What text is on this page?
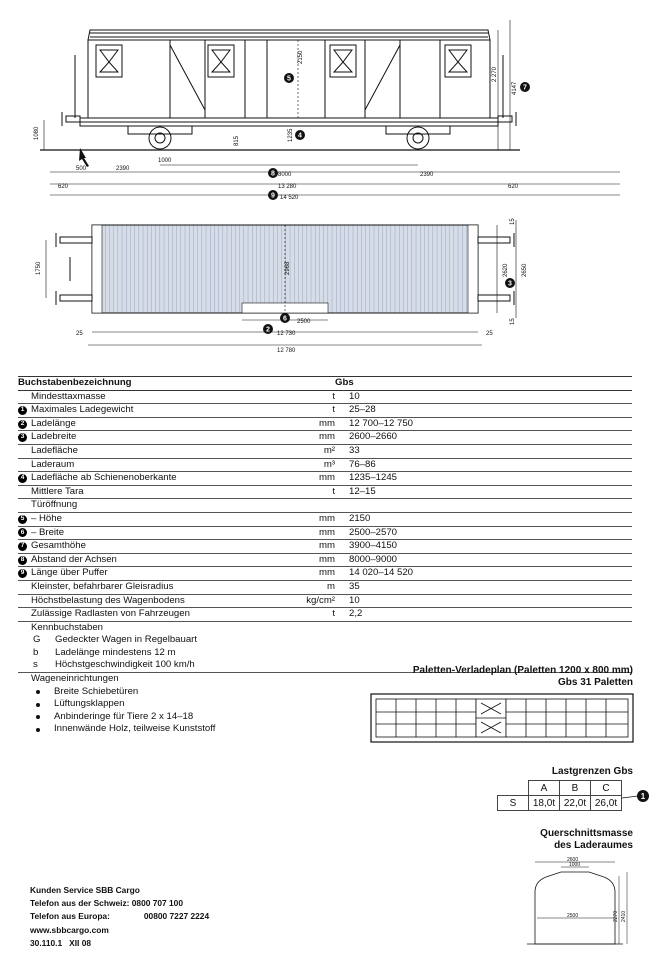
1080
500	2390
1000
8000	2390
13 280
620	620
14 520
2150
1235
815
2 270
4147
5
4
7
8
9
1750	2968	2620 2650
15
15
2500
25	12 730	25
12 780
6
2
3
Buchstabenbezeichnung	Gbs
Mindesttaxmasse	t	10
1 Maximales Ladegewicht	t	25–28
2 Ladelänge	mm	12 700–12 750
3 Ladebreite	mm	2600–2660
Ladefläche	m²	33
Laderaum	m³	76–86
4 Ladefläche ab Schienenoberkante	mm	1235–1245
Mittlere Tara	t	12–15
Türöffnung
5 – Höhe	mm	2150
6 – Breite	mm	2500–2570
7 Gesamthöhe	mm	3900–4150
8 Abstand der Achsen	mm	8000–9000
9 Länge über Puffer	mm	14 020–14 520
Kleinster, befahrbarer Gleisradius	m	35
Höchstbelastung des Wagenbodens	kg/cm²	10
Zulässige Radlasten von Fahrzeugen	t	2,2
Kennbuchstaben
G	Gedeckter Wagen in Regelbauart
b	Ladelänge mindestens 12 m
s	Höchstgeschwindigkeit 100 km/h
Wageneinrichtungen
Breite Schiebetüren
Lüftungsklappen
Anbinderinge für Tiere 2 x 14–18
Innenwände Holz, teilweise Kunststoff
Paletten-Verladeplan (Paletten 1200 x 800 mm)
Gbs 31 Paletten
Lastgrenzen Gbs
	A	B	C
S	18,0t	22,0t	26,0t
1
Querschnittsmasse
des Laderaumes
2600
1000
2500	2270 2410
Kunden Service SBB Cargo
Telefon aus der Schweiz: 0800 707 100
Telefon aus Europa:	00800 7227 2224
www.sbbcargo.com
30.110.1 XII 08
